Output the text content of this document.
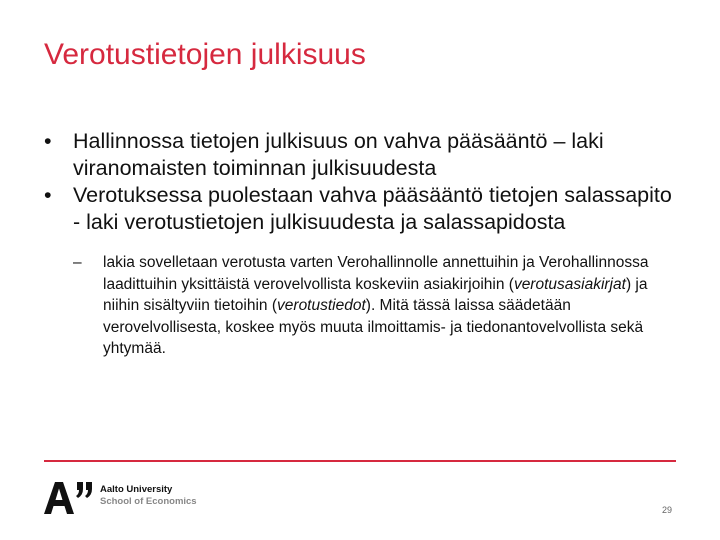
Verotustietojen julkisuus
• Hallinnossa tietojen julkisuus on vahva pääsääntö – laki viranomaisten toiminnan julkisuudesta
• Verotuksessa puolestaan vahva pääsääntö tietojen salassapito - laki verotustietojen julkisuudesta ja salassapidosta
– lakia sovelletaan verotusta varten Verohallinnolle annettuihin ja Verohallinnossa laadittuihin yksittäistä verovelvollista koskeviin asiakirjoihin (verotusasiakirjat) ja niihin sisältyviin tietoihin (verotustiedot). Mitä tässä laissa säädetään verovelvollisesta, koskee myös muuta ilmoittamis- ja tiedonantovelvollista sekä yhtymää.
Aalto University
School of Economics
29
